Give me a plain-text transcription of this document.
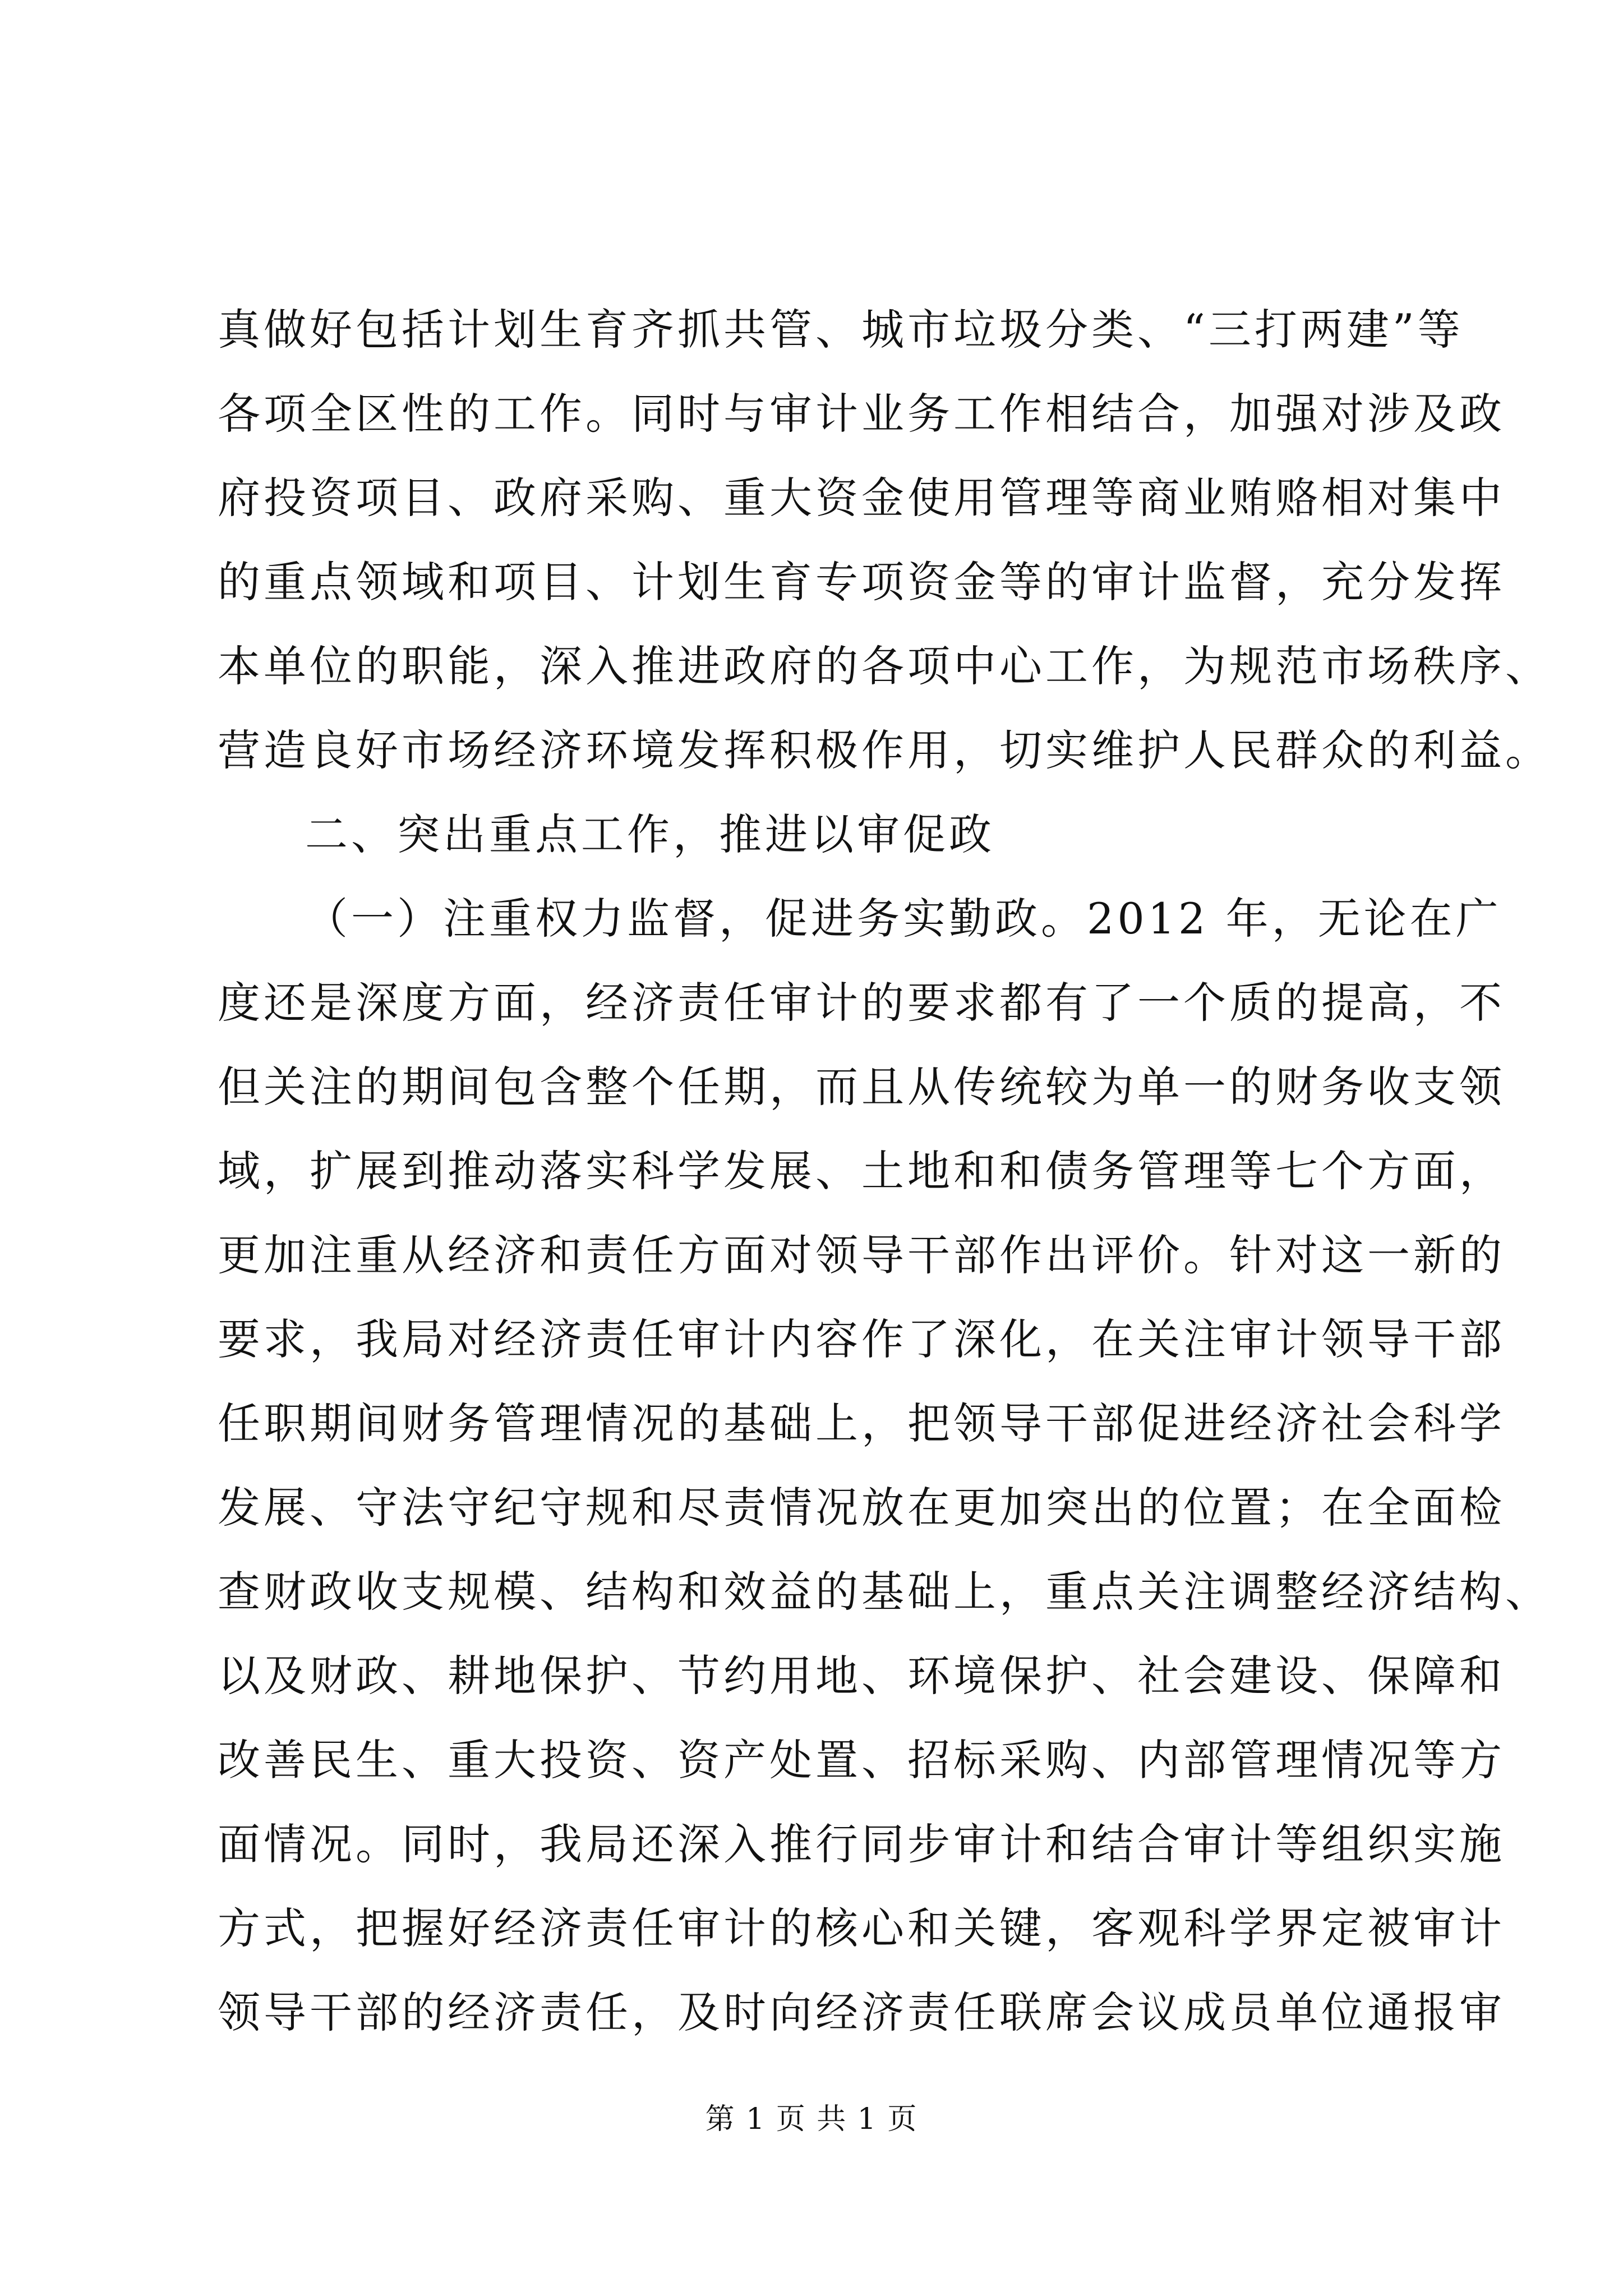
真做好包括计划生育齐抓共管、城市垃圾分类、“三打两建”等
各项全区性的工作。同时与审计业务工作相结合，加强对涉及政
府投资项目、政府采购、重大资金使用管理等商业贿赂相对集中
的重点领域和项目、计划生育专项资金等的审计监督，充分发挥
本单位的职能，深入推进政府的各项中心工作，为规范市场秩序、
营造良好市场经济环境发挥积极作用，切实维护人民群众的利益。
二、突出重点工作，推进以审促政
（一）注重权力监督，促进务实勤政。2012 年，无论在广
度还是深度方面，经济责任审计的要求都有了一个质的提高，不
但关注的期间包含整个任期，而且从传统较为单一的财务收支领
域，扩展到推动落实科学发展、土地和和债务管理等七个方面，
更加注重从经济和责任方面对领导干部作出评价。针对这一新的
要求，我局对经济责任审计内容作了深化，在关注审计领导干部
任职期间财务管理情况的基础上，把领导干部促进经济社会科学
发展、守法守纪守规和尽责情况放在更加突出的位置；在全面检
查财政收支规模、结构和效益的基础上，重点关注调整经济结构、
以及财政、耕地保护、节约用地、环境保护、社会建设、保障和
改善民生、重大投资、资产处置、招标采购、内部管理情况等方
面情况。同时，我局还深入推行同步审计和结合审计等组织实施
方式，把握好经济责任审计的核心和关键，客观科学界定被审计
领导干部的经济责任，及时向经济责任联席会议成员单位通报审
第 1 页 共 1 页
